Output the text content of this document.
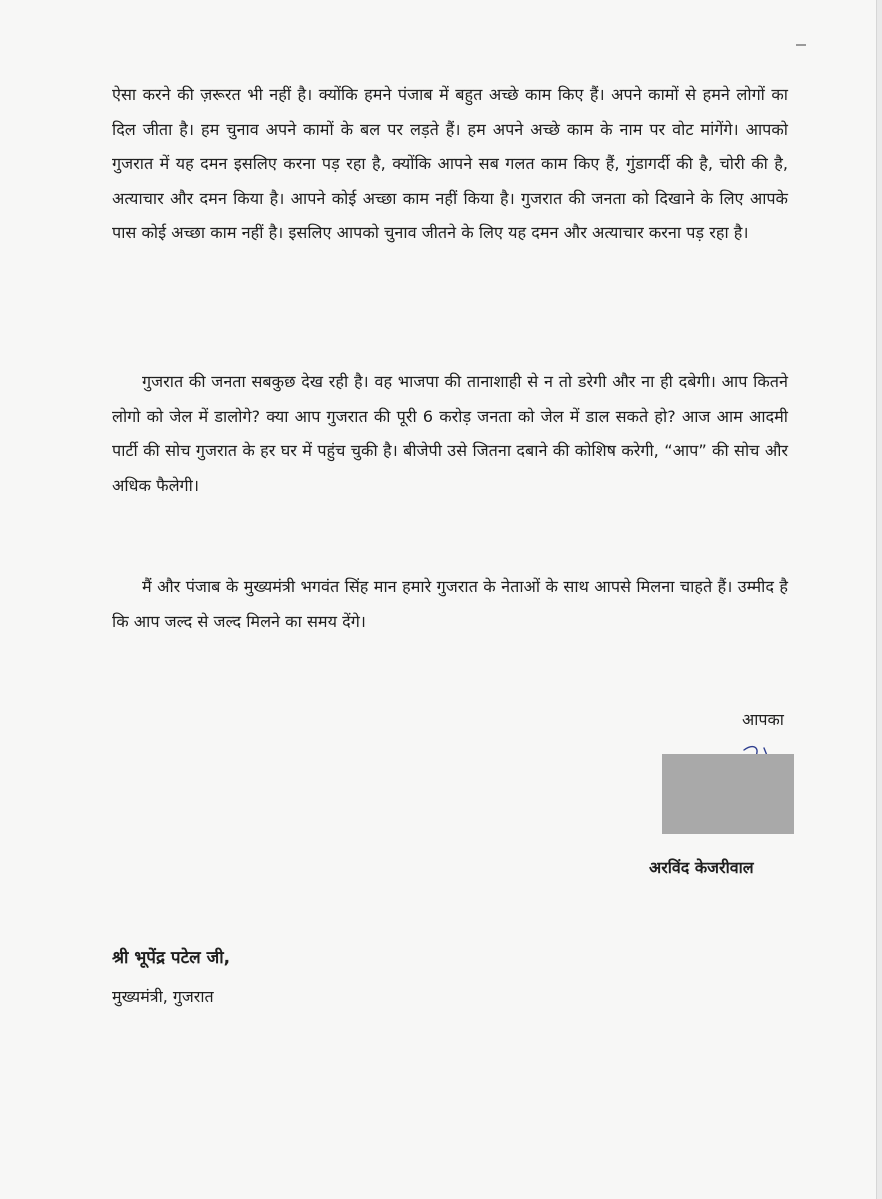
ऐसा करने की ज़रूरत भी नहीं है। क्योंकि हमने पंजाब में बहुत अच्छे काम किए हैं। अपने कामों से हमने लोगों का दिल जीता है। हम चुनाव अपने कामों के बल पर लड़ते हैं। हम अपने अच्छे काम के नाम पर वोट मांगेंगे। आपको गुजरात में यह दमन इसलिए करना पड़ रहा है, क्योंकि आपने सब गलत काम किए हैं, गुंडागर्दी की है, चोरी की है, अत्याचार और दमन किया है। आपने कोई अच्छा काम नहीं किया है। गुजरात की जनता को दिखाने के लिए आपके पास कोई अच्छा काम नहीं है। इसलिए आपको चुनाव जीतने के लिए यह दमन और अत्याचार करना पड़ रहा है।

गुजरात की जनता सबकुछ देख रही है। वह भाजपा की तानाशाही से न तो डरेगी और ना ही दबेगी। आप कितने लोगो को जेल में डालोगे? क्या आप गुजरात की पूरी 6 करोड़ जनता को जेल में डाल सकते हो? आज आम आदमी पार्टी की सोच गुजरात के हर घर में पहुंच चुकी है। बीजेपी उसे जितना दबाने की कोशिष करेगी, “आप” की सोच और अधिक फैलेगी।

मैं और पंजाब के मुख्यमंत्री भगवंत सिंह मान हमारे गुजरात के नेताओं के साथ आपसे मिलना चाहते हैं। उम्मीद है कि आप जल्द से जल्द मिलने का समय देंगे।

आपका
अरविंद केजरीवाल
श्री भूपेंद्र पटेल जी,
मुख्यमंत्री, गुजरात
